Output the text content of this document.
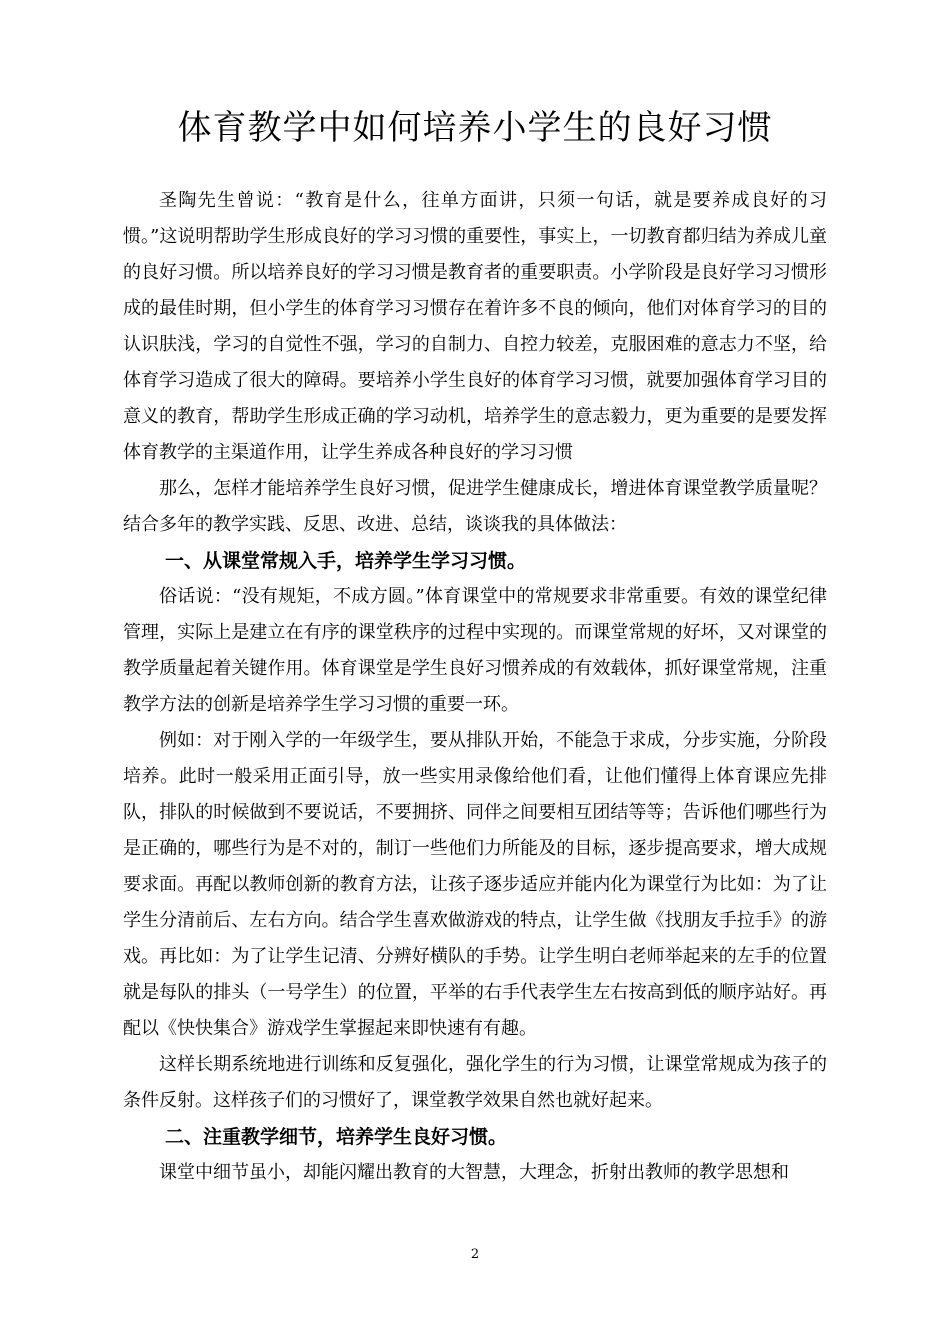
体育教学中如何培养小学生的良好习惯

圣陶先生曾说：“教育是什么，往单方面讲，只须一句话，就是要养成良好的习惯。”这说明帮助学生形成良好的学习习惯的重要性，事实上，一切教育都归结为养成儿童的良好习惯。所以培养良好的学习习惯是教育者的重要职责。小学阶段是良好学习习惯形成的最佳时期，但小学生的体育学习习惯存在着许多不良的倾向，他们对体育学习的目的认识肤浅，学习的自觉性不强，学习的自制力、自控力较差，克服困难的意志力不坚，给体育学习造成了很大的障碍。要培养小学生良好的体育学习习惯，就要加强体育学习目的意义的教育，帮助学生形成正确的学习动机，培养学生的意志毅力，更为重要的是要发挥体育教学的主渠道作用，让学生养成各种良好的学习习惯

那么，怎样才能培养学生良好习惯，促进学生健康成长，增进体育课堂教学质量呢？结合多年的教学实践、反思、改进、总结，谈谈我的具体做法：

一、从课堂常规入手，培养学生学习习惯。

俗话说：“没有规矩，不成方圆。”体育课堂中的常规要求非常重要。有效的课堂纪律管理，实际上是建立在有序的课堂秩序的过程中实现的。而课堂常规的好坏，又对课堂的教学质量起着关键作用。体育课堂是学生良好习惯养成的有效载体，抓好课堂常规，注重教学方法的创新是培养学生学习习惯的重要一环。

例如：对于刚入学的一年级学生，要从排队开始，不能急于求成，分步实施，分阶段培养。此时一般采用正面引导，放一些实用录像给他们看，让他们懂得上体育课应先排队，排队的时候做到不要说话，不要拥挤、同伴之间要相互团结等等；告诉他们哪些行为是正确的，哪些行为是不对的，制订一些他们力所能及的目标，逐步提高要求，增大成规要求面。再配以教师创新的教育方法，让孩子逐步适应并能内化为课堂行为比如：为了让学生分清前后、左右方向。结合学生喜欢做游戏的特点，让学生做《找朋友手拉手》的游戏。再比如：为了让学生记清、分辨好横队的手势。让学生明白老师举起来的左手的位置就是每队的排头（一号学生）的位置，平举的右手代表学生左右按高到低的顺序站好。再配以《快快集合》游戏学生掌握起来即快速有有趣。

这样长期系统地进行训练和反复强化，强化学生的行为习惯，让课堂常规成为孩子的条件反射。这样孩子们的习惯好了，课堂教学效果自然也就好起来。

二、注重教学细节，培养学生良好习惯。

课堂中细节虽小，却能闪耀出教育的大智慧，大理念，折射出教师的教学思想和

2
